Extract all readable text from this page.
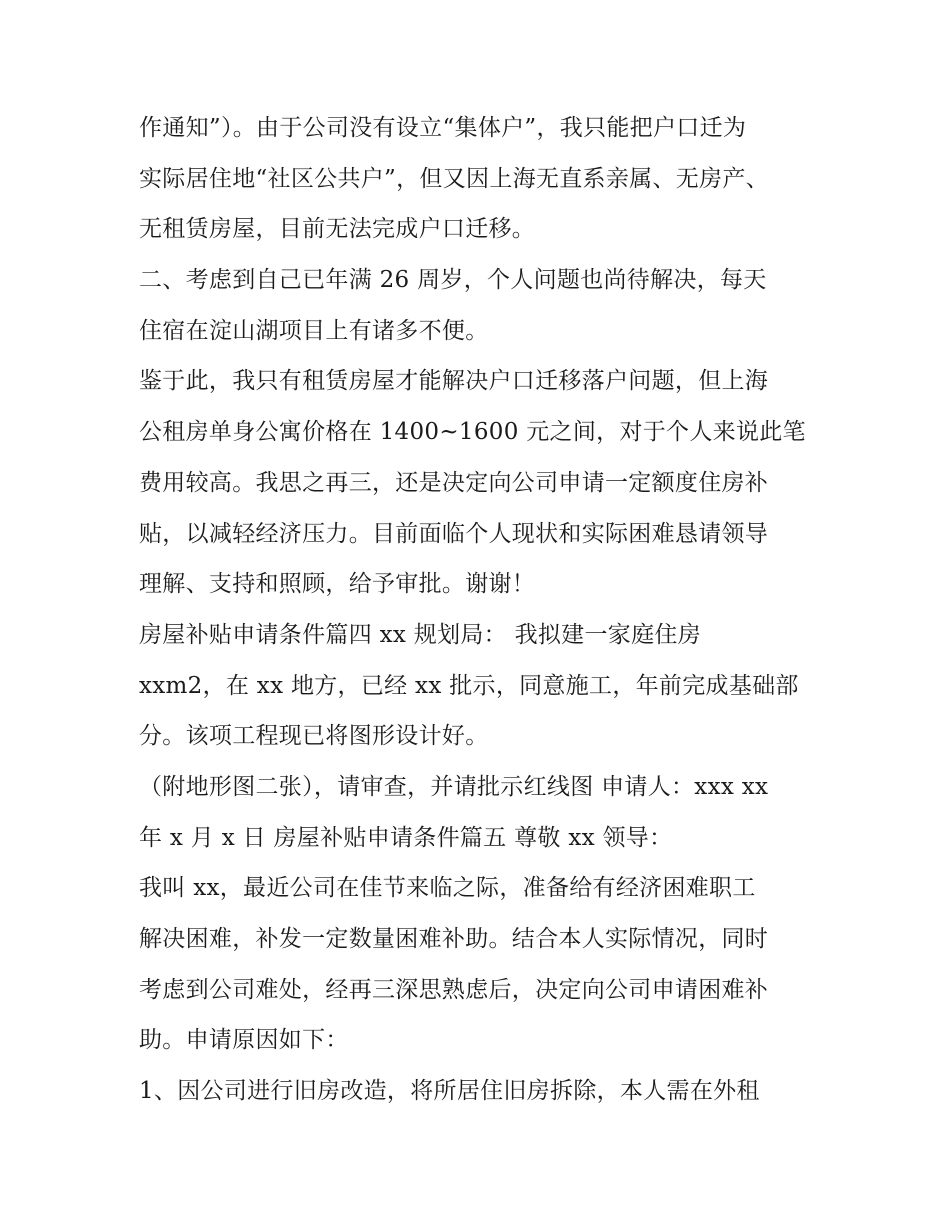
作通知”）。由于公司没有设立“集体户”，我只能把户口迁为
实际居住地“社区公共户”，但又因上海无直系亲属、无房产、
无租赁房屋，目前无法完成户口迁移。
二、考虑到自己已年满 26 周岁，个人问题也尚待解决，每天
住宿在淀山湖项目上有诸多不便。
鉴于此，我只有租赁房屋才能解决户口迁移落户问题，但上海
公租房单身公寓价格在 1400~1600 元之间，对于个人来说此笔
费用较高。我思之再三，还是决定向公司申请一定额度住房补
贴，以减轻经济压力。目前面临个人现状和实际困难恳请领导
理解、支持和照顾，给予审批。谢谢！
房屋补贴申请条件篇四 xx 规划局： 我拟建一家庭住房
xxm2，在 xx 地方，已经 xx 批示，同意施工，年前完成基础部
分。该项工程现已将图形设计好。
（附地形图二张），请审查，并请批示红线图 申请人：xxx xx
年 x 月 x 日 房屋补贴申请条件篇五 尊敬 xx 领导：
我叫 xx，最近公司在佳节来临之际，准备给有经济困难职工
解决困难，补发一定数量困难补助。结合本人实际情况，同时
考虑到公司难处，经再三深思熟虑后，决定向公司申请困难补
助。申请原因如下：
1、因公司进行旧房改造，将所居住旧房拆除，本人需在外租
